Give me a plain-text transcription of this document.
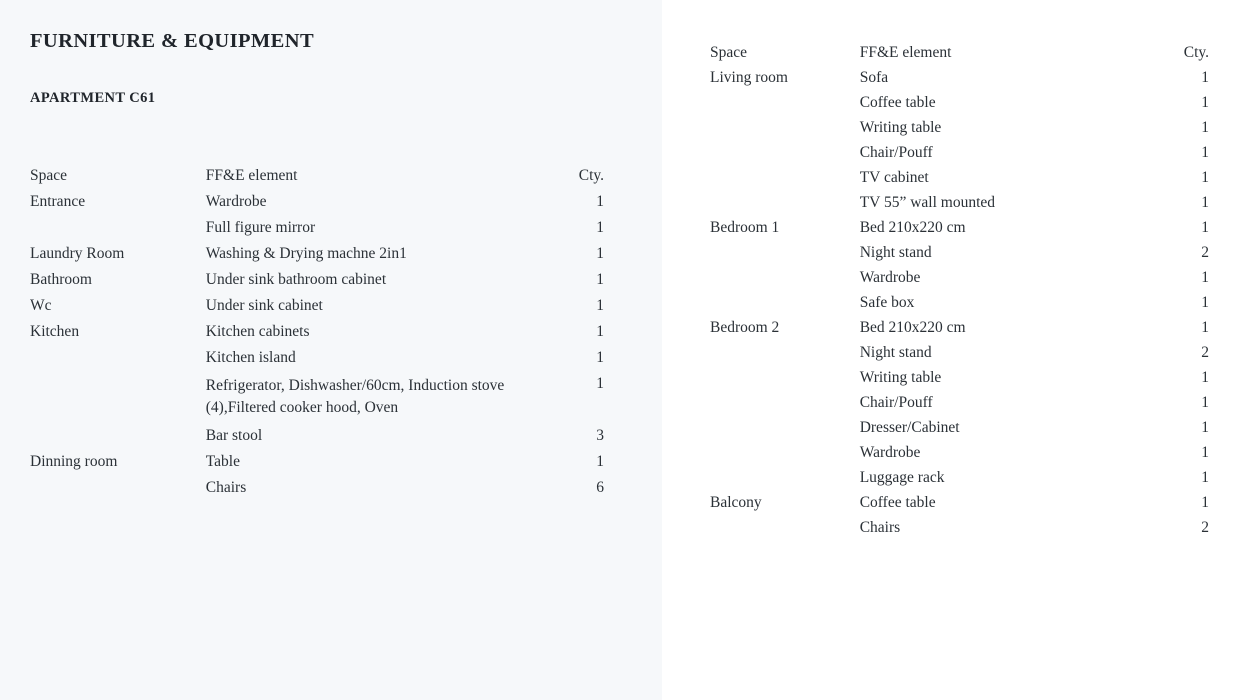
FURNITURE & EQUIPMENT
APARTMENT C61
Space	FF&E element	Cty.
Entrance	Wardrobe	1
	Full figure mirror	1
Laundry Room	Washing & Drying machne 2in1	1
Bathroom	Under sink bathroom cabinet	1
Wc	Under sink cabinet	1
Kitchen	Kitchen cabinets	1
	Kitchen island	1
	Refrigerator, Dishwasher/60cm, Induction stove (4),Filtered cooker hood, Oven	1
	Bar stool	3
Dinning room	Table	1
	Chairs	6
Space	FF&E element	Cty.
Living room	Sofa	1
	Coffee table	1
	Writing table	1
	Chair/Pouff	1
	TV cabinet	1
	TV 55” wall mounted	1
Bedroom 1	Bed 210x220 cm	1
	Night stand	2
	Wardrobe	1
	Safe box	1
Bedroom 2	Bed 210x220 cm	1
	Night stand	2
	Writing table	1
	Chair/Pouff	1
	Dresser/Cabinet	1
	Wardrobe	1
	Luggage rack	1
Balcony	Coffee table	1
	Chairs	2
